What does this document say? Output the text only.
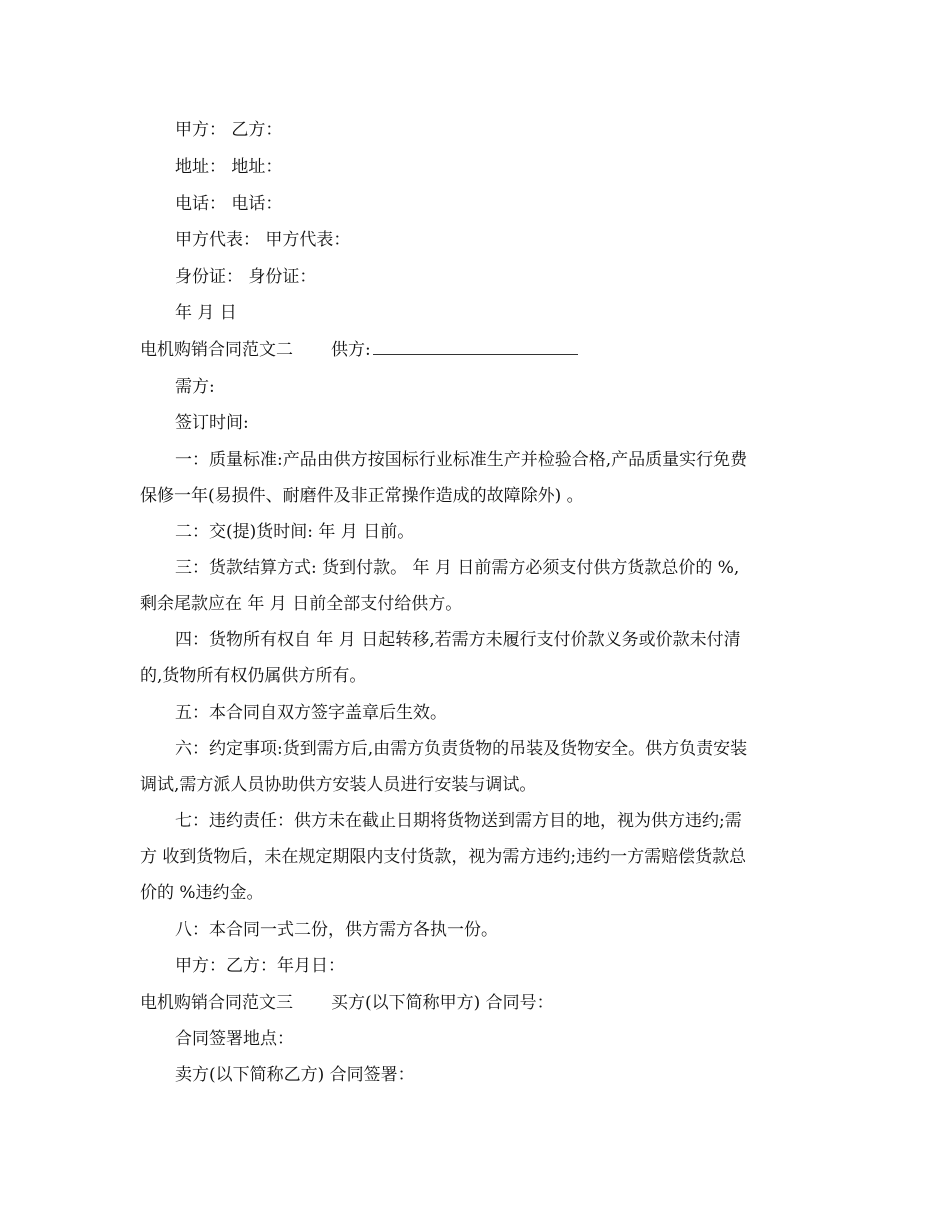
甲方： 乙方：
地址： 地址：
电话： 电话：
甲方代表： 甲方代表：
身份证： 身份证：
年 月 日
电机购销合同范文二 供方:
需方:
签订时间:
一：质量标准:产品由供方按国标行业标准生产并检验合格,产品质量实行免费
保修一年(易损件、耐磨件及非正常操作造成的故障除外) 。
二：交(提)货时间: 年 月 日前。
三：货款结算方式: 货到付款。 年 月 日前需方必须支付供方货款总价的 %,
剩余尾款应在 年 月 日前全部支付给供方。
四：货物所有权自 年 月 日起转移,若需方未履行支付价款义务或价款未付清
的,货物所有权仍属供方所有。
五：本合同自双方签字盖章后生效。
六：约定事项:货到需方后,由需方负责货物的吊装及货物安全。供方负责安装
调试,需方派人员协助供方安装人员进行安装与调试。
七：违约责任：供方未在截止日期将货物送到需方目的地，视为供方违约;需
方 收到货物后，未在规定期限内支付货款，视为需方违约;违约一方需赔偿货款总
价的 %违约金。
八：本合同一式二份，供方需方各执一份。
甲方：乙方：年月日：
电机购销合同范文三 买方(以下简称甲方) 合同号：
合同签署地点：
卖方(以下简称乙方) 合同签署：
